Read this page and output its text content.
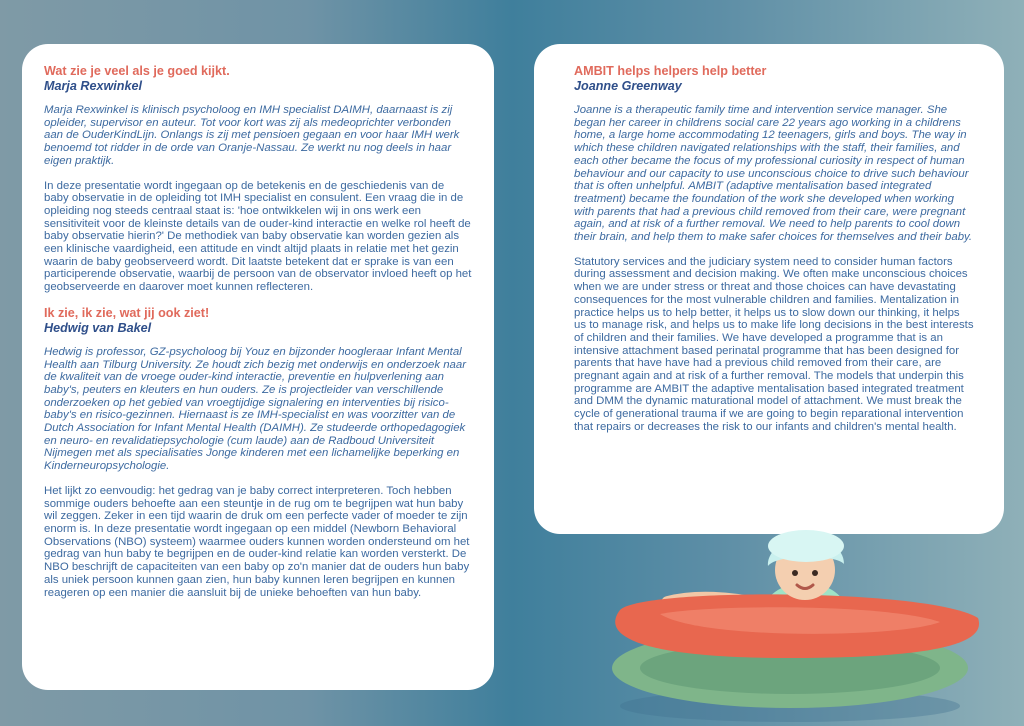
Wat zie je veel als je goed kijkt.

Marja Rexwinkel

Marja Rexwinkel is klinisch psycholoog en IMH specialist DAIMH, daarnaast is zij opleider, supervisor en auteur. Tot voor kort was zij als medeoprichter verbonden aan de OuderKindLijn. Onlangs is zij met pensioen gegaan en voor haar IMH werk benoemd tot ridder in de orde van Oranje-Nassau. Ze werkt nu nog deels in haar eigen praktijk.

In deze presentatie wordt ingegaan op de betekenis en de geschiedenis van de baby observatie in de opleiding tot IMH specialist en consulent. Een vraag die in de opleiding nog steeds centraal staat is: 'hoe ontwikkelen wij in ons werk een sensitiviteit voor de kleinste details van de ouder-kind interactie en welke rol heeft de baby observatie hierin?' De methodiek van baby observatie kan worden gezien als een klinische vaardigheid, een attitude en vindt altijd plaats in relatie met het gezin waarin de baby geobserveerd wordt. Dit laatste betekent dat er sprake is van een participerende observatie, waarbij de persoon van de observator invloed heeft op het geobserveerde en daarover moet kunnen reflecteren.

Ik zie, ik zie, wat jij ook ziet!

Hedwig van Bakel

Hedwig is professor, GZ-psycholoog bij Youz en bijzonder hoogleraar Infant Mental Health aan Tilburg University. Ze houdt zich bezig met onderwijs en onderzoek naar de kwaliteit van de vroege ouder-kind interactie, preventie en hulpverlening aan baby's, peuters en kleuters en hun ouders. Ze is projectleider van verschillende onderzoeken op het gebied van vroegtijdige signalering en interventies bij risico-baby's en risico-gezinnen. Hiernaast is ze IMH-specialist en was voorzitter van de Dutch Association for Infant Mental Health (DAIMH). Ze studeerde orthopedagogiek en neuro- en revalidatiepsychologie (cum laude) aan de Radboud Universiteit Nijmegen met als specialisaties Jonge kinderen met een lichamelijke beperking en Kinderneuropsychologie.

Het lijkt zo eenvoudig: het gedrag van je baby correct interpreteren. Toch hebben sommige ouders behoefte aan een steuntje in de rug om te begrijpen wat hun baby wil zeggen. Zeker in een tijd waarin de druk om een perfecte vader of moeder te zijn enorm is. In deze presentatie wordt ingegaan op een middel (Newborn Behavioral Observations (NBO) systeem) waarmee ouders kunnen worden ondersteund om het gedrag van hun baby te begrijpen en de ouder-kind relatie kan worden versterkt. De NBO beschrijft de capaciteiten van een baby op zo'n manier dat de ouders hun baby als uniek persoon kunnen gaan zien, hun baby kunnen leren begrijpen en kunnen reageren op een manier die aansluit bij de unieke behoeften van hun baby.

AMBIT helps helpers help better

Joanne Greenway

Joanne is a therapeutic family time and intervention service manager. She began her career in childrens social care 22 years ago working in a childrens home, a large home accommodating 12 teenagers, girls and boys. The way in which these children navigated relationships with the staff, their families, and each other became the focus of my professional curiosity in respect of human behaviour and our capacity to use unconscious choice to drive such behaviour that is often unhelpful. AMBIT (adaptive mentalisation based integrated treatment) became the foundation of the work she developed when working with parents that had a previous child removed from their care, were pregnant again, and at risk of a further removal. We need to help parents to cool down their brain, and help them to make safer choices for themselves and their baby.

Statutory services and the judiciary system need to consider human factors during assessment and decision making. We often make unconscious choices when we are under stress or threat and those choices can have devastating consequences for the most vulnerable children and families. Mentalization in practice helps us to help better, it helps us to slow down our thinking, it helps us to manage risk, and helps us to make life long decisions in the best interests of children and their families. We have developed a programme that is an intensive attachment based perinatal programme that has been designed for parents that have have had a previous child removed from their care, are pregnant again and at risk of a further removal. The models that underpin this programme are AMBIT the adaptive mentalisation based integrated treatment and DMM the dynamic maturational model of attachment. We must break the cycle of generational trauma if we are going to begin reparational intervention that repairs or decreases the risk to our infants and children's mental health.
